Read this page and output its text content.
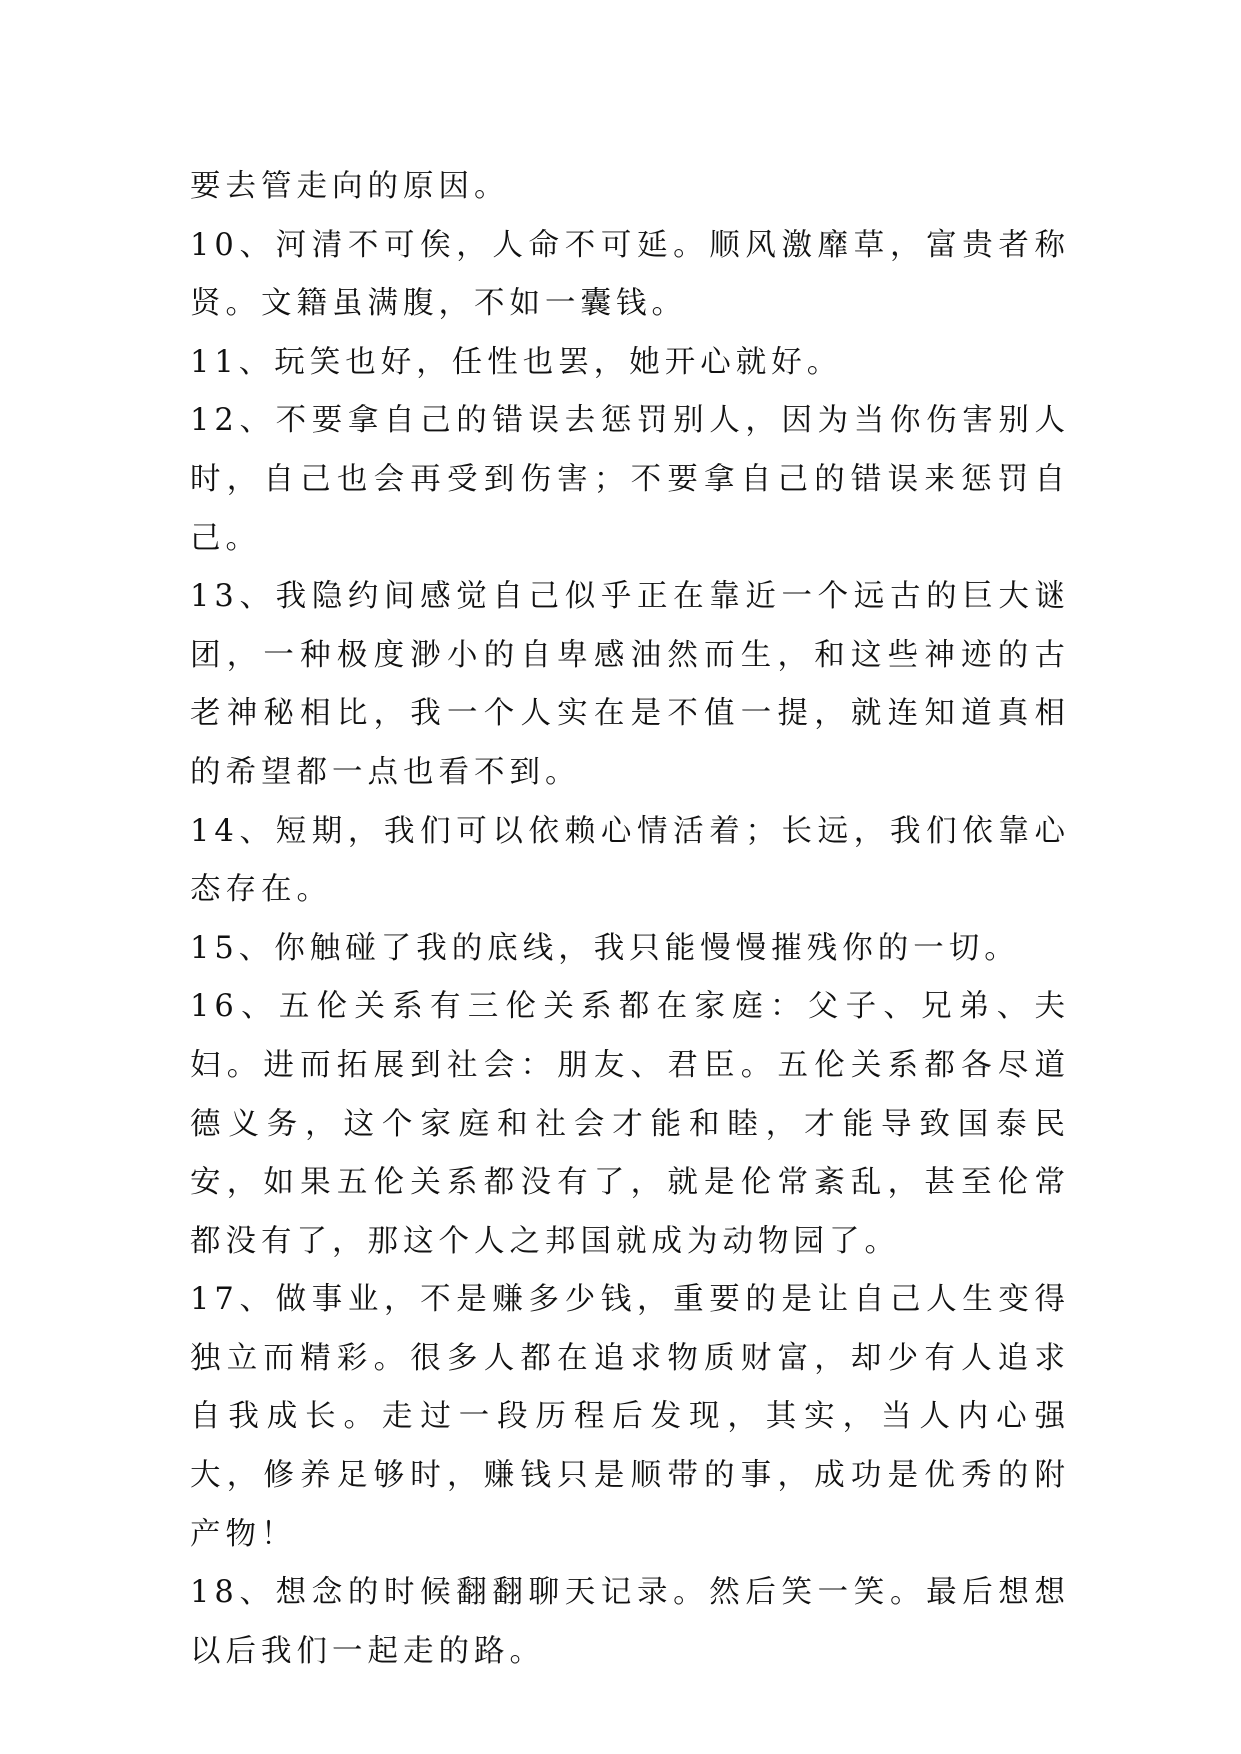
要去管走向的原因。

10、河清不可俟，人命不可延。顺风激靡草，富贵者称贤。文籍虽满腹，不如一囊钱。

11、玩笑也好，任性也罢，她开心就好。

12、不要拿自己的错误去惩罚别人，因为当你伤害别人时，自己也会再受到伤害；不要拿自己的错误来惩罚自己。

13、我隐约间感觉自己似乎正在靠近一个远古的巨大谜团，一种极度渺小的自卑感油然而生，和这些神迹的古老神秘相比，我一个人实在是不值一提，就连知道真相的希望都一点也看不到。

14、短期，我们可以依赖心情活着；长远，我们依靠心态存在。

15、你触碰了我的底线，我只能慢慢摧残你的一切。

16、五伦关系有三伦关系都在家庭：父子、兄弟、夫妇。进而拓展到社会：朋友、君臣。五伦关系都各尽道德义务，这个家庭和社会才能和睦，才能导致国泰民安，如果五伦关系都没有了，就是伦常紊乱，甚至伦常都没有了，那这个人之邦国就成为动物园了。

17、做事业，不是赚多少钱，重要的是让自己人生变得独立而精彩。很多人都在追求物质财富，却少有人追求自我成长。走过一段历程后发现，其实，当人内心强大，修养足够时，赚钱只是顺带的事，成功是优秀的附产物！

18、想念的时候翻翻聊天记录。然后笑一笑。最后想想以后我们一起走的路。
